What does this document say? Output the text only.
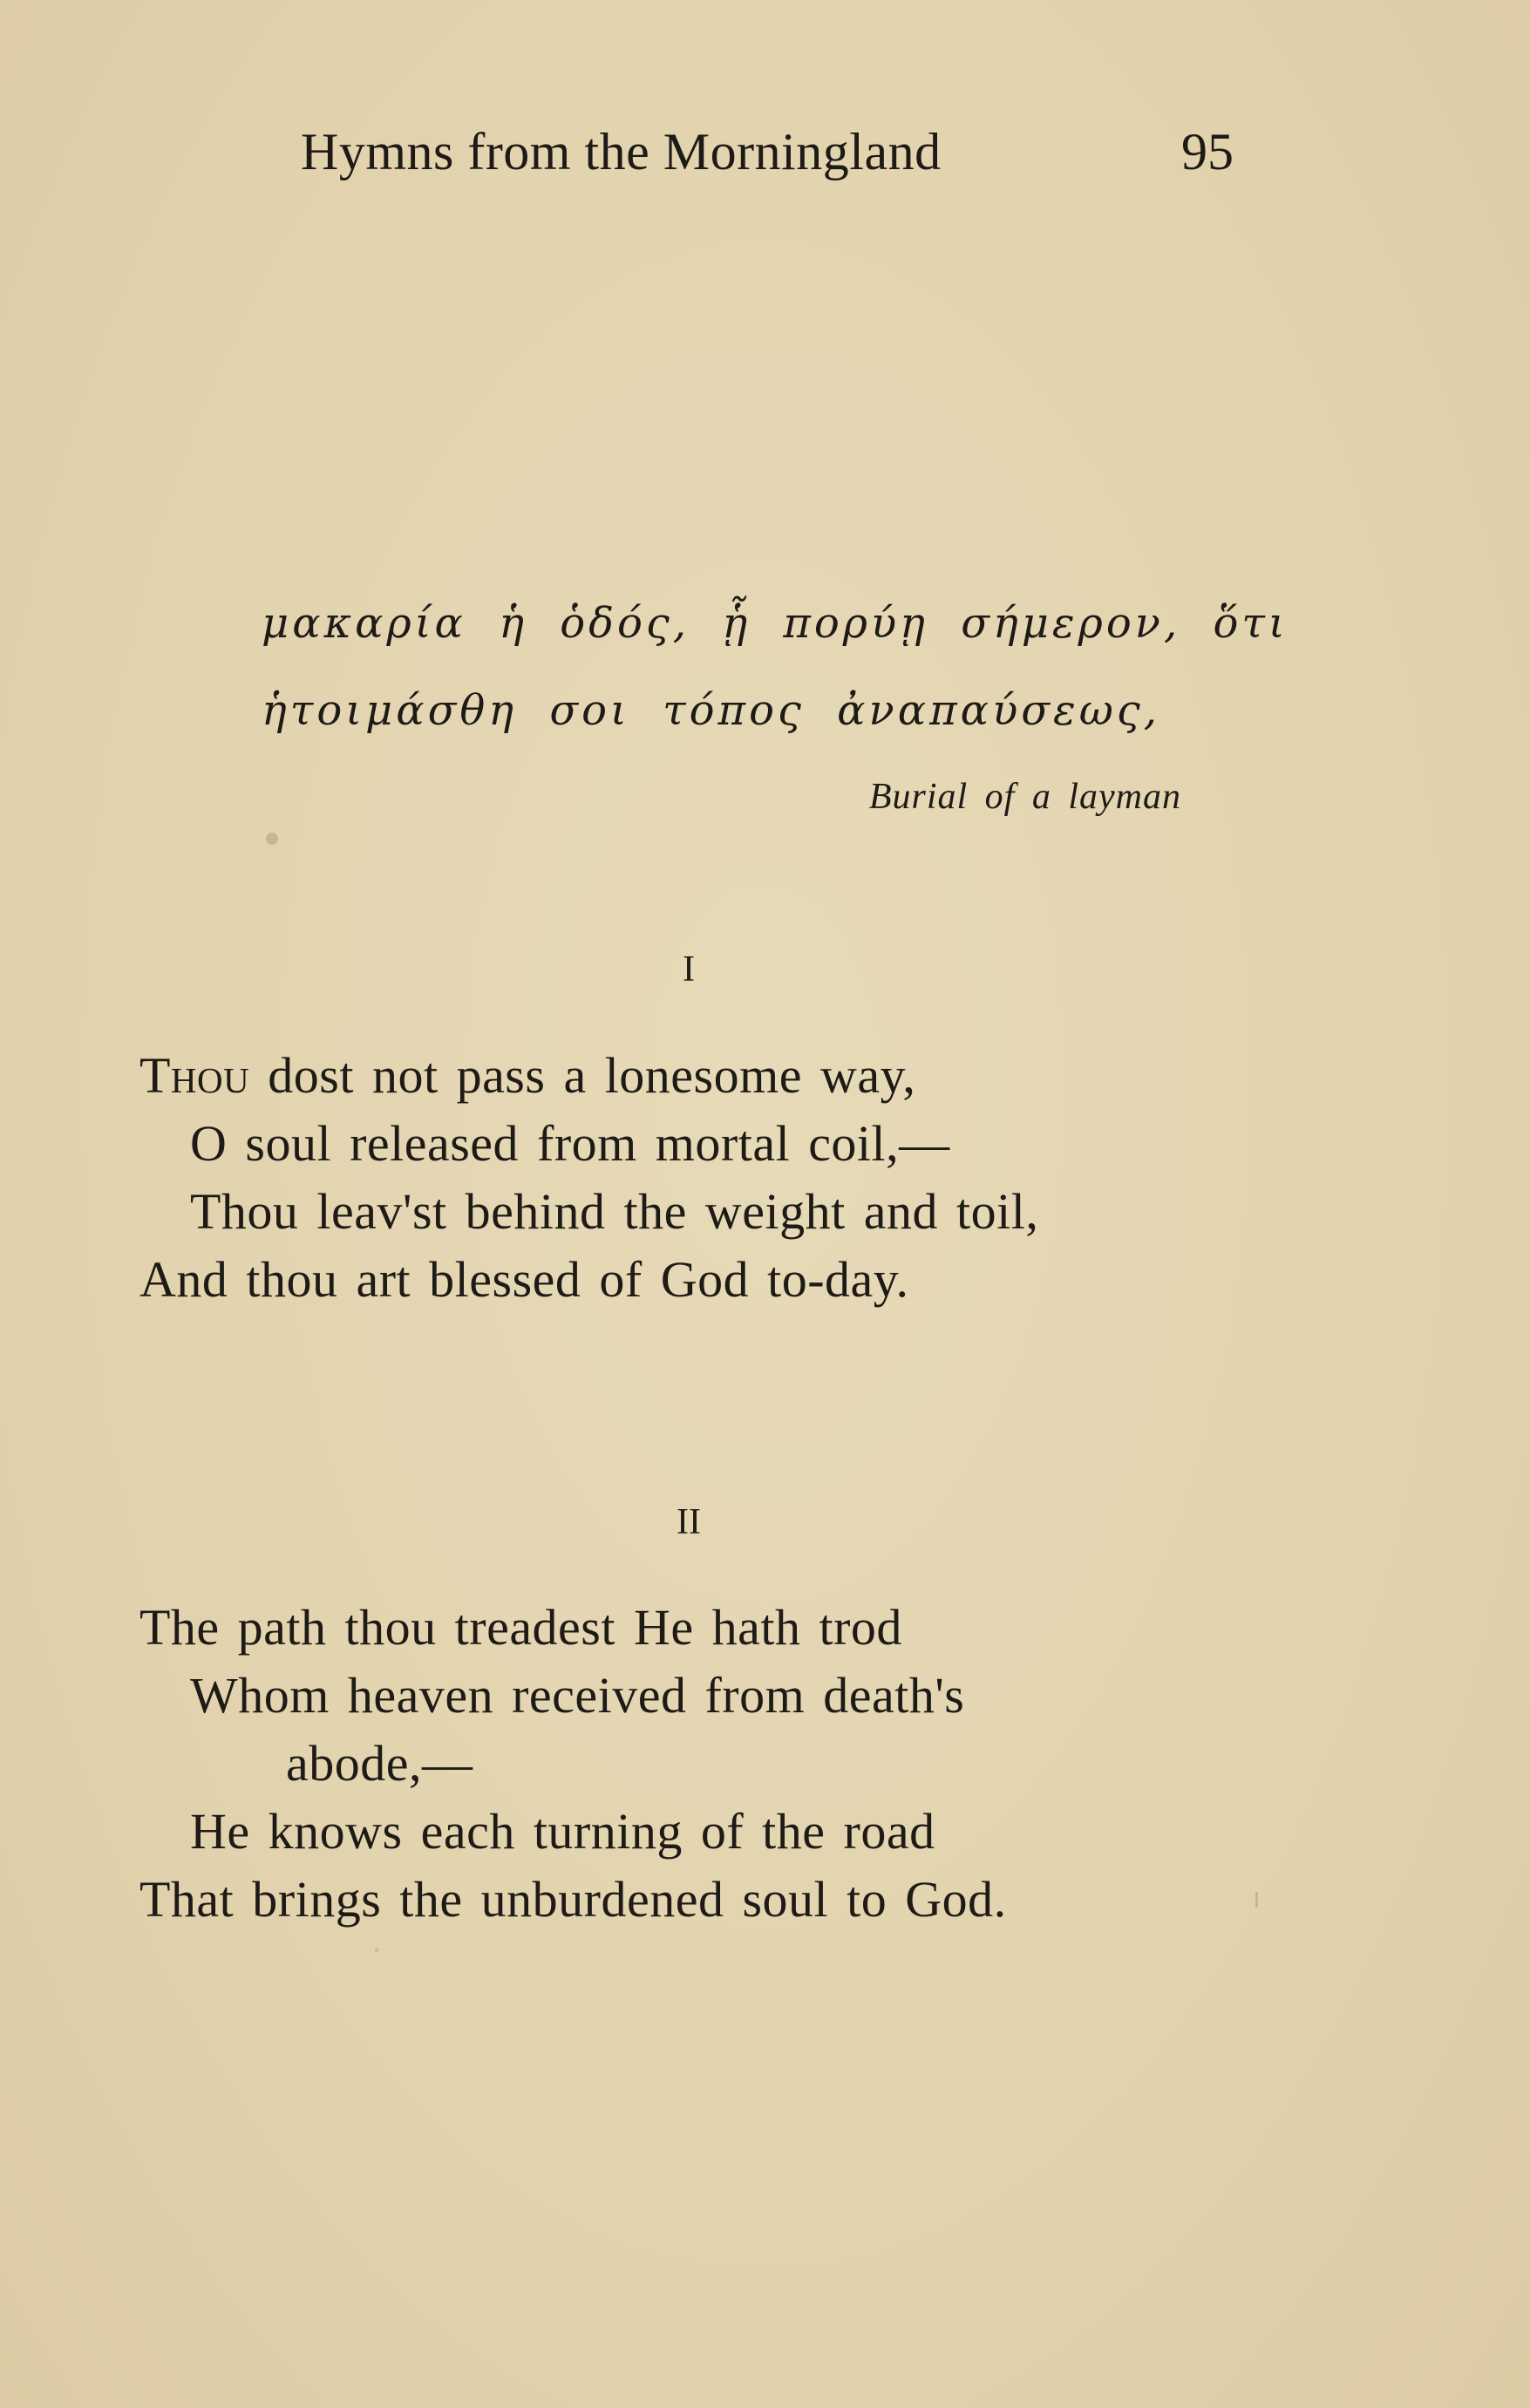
Hymns from the Morningland	95
μακαρία ἡ ὁδός, ᾗ πορύῃ σήμερον, ὅτι
ἡτοιμάσθη σοι τόπος ἀναπαύσεως,
Burial of a layman
I
Thou dost not pass a lonesome way,
O soul released from mortal coil,—
Thou leav'st behind the weight and toil,
And thou art blessed of God to-day.
II
The path thou treadest He hath trod
Whom heaven received from death's
abode,—
He knows each turning of the road
That brings the unburdened soul to God.
